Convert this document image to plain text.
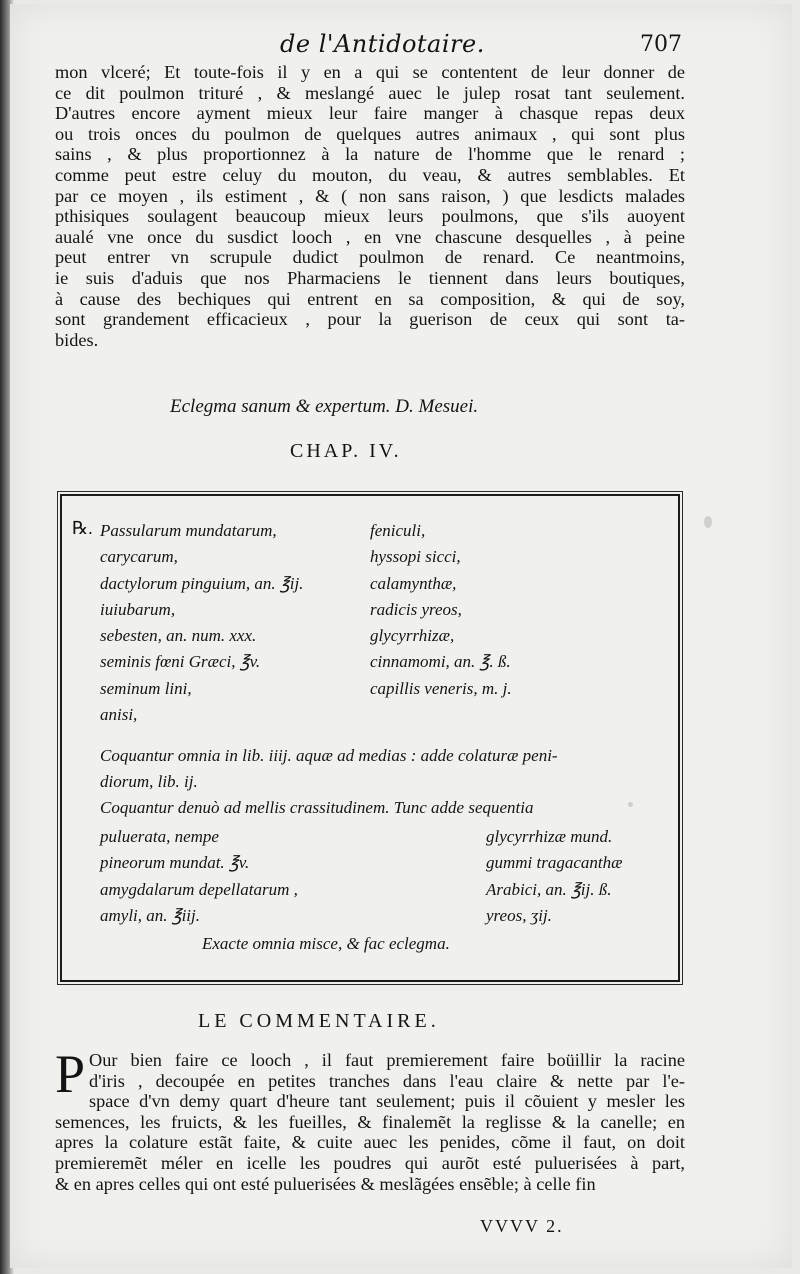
de l'Antidotaire.	707
mon vlceré; Et toute-fois il y en a qui se contentent de leur donner de
ce dit poulmon trituré , & meslangé auec le julep rosat tant seulement.
D'autres encore ayment mieux leur faire manger à chasque repas deux
ou trois onces du poulmon de quelques autres animaux , qui sont plus
sains , & plus proportionnez à la nature de l'homme que le renard ;
comme peut estre celuy du mouton, du veau, & autres semblables. Et
par ce moyen , ils estiment , & ( non sans raison, ) que lesdicts malades
pthisiques soulagent beaucoup mieux leurs poulmons, que s'ils auoyent
aualé vne once du susdict looch , en vne chascune desquelles , à peine
peut entrer vn scrupule dudict poulmon de renard. Ce neantmoins,
ie suis d'aduis que nos Pharmaciens le tiennent dans leurs boutiques,
à cause des bechiques qui entrent en sa composition, & qui de soy,
sont grandement efficacieux , pour la guerison de ceux qui sont ta-
bides.
Eclegma sanum & expertum. D. Mesuei.
CHAP. IV.
℞. Passularum mundatarum,
carycarum,
dactylorum pinguium, an. ℥ij.
iuiubarum,
sebesten, an. num. xxx.
seminis fœni Græci, ℥v.
seminum lini,
anisi,
feniculi,
hyssopi sicci,
calamynthæ,
radicis yreos,
glycyrrhizæ,
cinnamomi, an. ℥. ß.
capillis veneris, m. j.
Coquantur omnia in lib. iiij. aquæ ad medias : adde colaturæ peni-
diorum, lib. ij.
Coquantur denuò ad mellis crassitudinem. Tunc adde sequentia
puluerata, nempe
pineorum mundat. ℥v.
amygdalarum depellatarum ,
amyli, an. ℥iij.
glycyrrhizæ mund.
gummi tragacanthæ
Arabici, an. ℥ij. ß.
yreos, ʒij.
Exacte omnia misce, & fac eclegma.
LE COMMENTAIRE.
P Our bien faire ce looch , il faut premierement faire boüillir la racine
d'iris , decoupée en petites tranches dans l'eau claire & nette par l'e-
space d'vn demy quart d'heure tant seulement; puis il cõuient y mesler les
semences, les fruicts, & les fueilles, & finalemẽt la reglisse & la canelle; en
apres la colature estãt faite, & cuite auec les penides, cõme il faut, on doit
premieremẽt méler en icelle les poudres qui aurõt esté puluerisées à part,
& en apres celles qui ont esté puluerisées & meslãgées ensẽble; à celle fin
VVVV 2.
